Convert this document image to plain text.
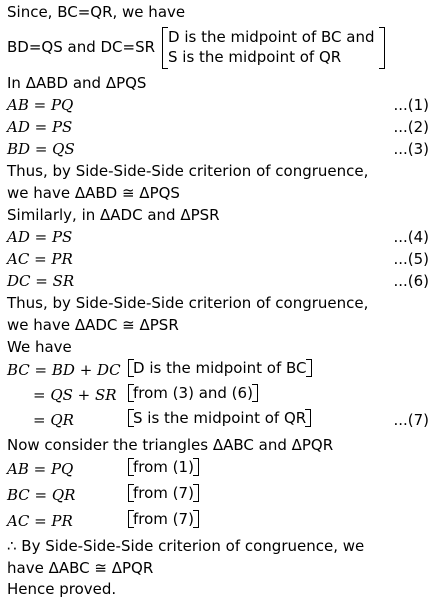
Since, BC=QR, we have
BD=QS and DC=SR
D is the midpoint of BC and
S is the midpoint of QR
In ΔABD and ΔPQS
AB = PQ	...(1)
AD = PS	...(2)
BD = QS	...(3)
Thus, by Side-Side-Side criterion of congruence,
we have ΔABD ≅ ΔPQS
Similarly, in ΔADC and ΔPSR
AD = PS	...(4)
AC = PR	...(5)
DC = SR	...(6)
Thus, by Side-Side-Side criterion of congruence,
we have ΔADC ≅ ΔPSR
We have
BC = BD + DC D is the midpoint of BC
= QS + SR	from (3) and (6)
= QR	S is the midpoint of QR	...(7)
Now consider the triangles ΔABC and ΔPQR
AB = PQ	from (1)
BC = QR	from (7)
AC = PR	from (7)
∴ By Side-Side-Side criterion of congruence, we
have ΔABC ≅ ΔPQR
Hence proved.
